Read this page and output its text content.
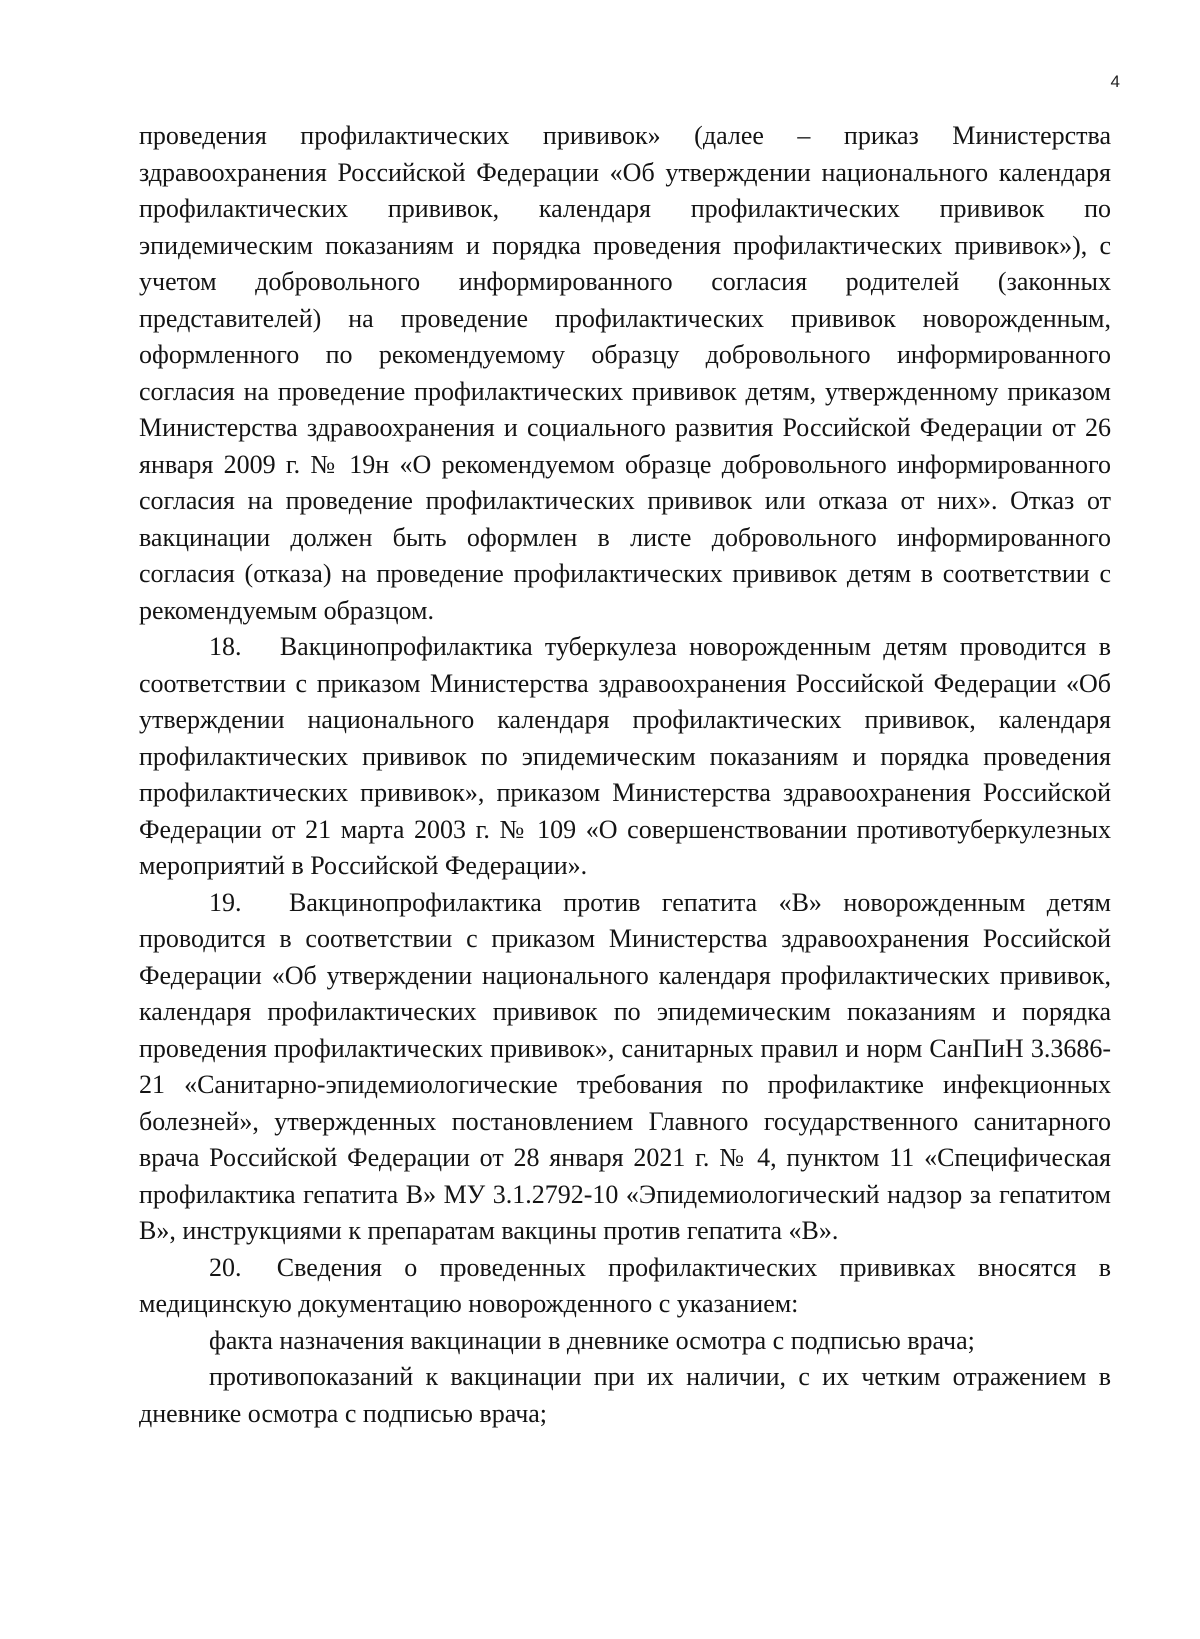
4

проведения профилактических прививок» (далее – приказ Министерства здравоохранения Российской Федерации «Об утверждении национального календаря профилактических прививок, календаря профилактических прививок по эпидемическим показаниям и порядка проведения профилактических прививок»), с учетом добровольного информированного согласия родителей (законных представителей) на проведение профилактических прививок новорожденным, оформленного по рекомендуемому образцу добровольного информированного согласия на проведение профилактических прививок детям, утвержденному приказом Министерства здравоохранения и социального развития Российской Федерации от 26 января 2009 г. № 19н «О рекомендуемом образце добровольного информированного согласия на проведение профилактических прививок или отказа от них». Отказ от вакцинации должен быть оформлен в листе добровольного информированного согласия (отказа) на проведение профилактических прививок детям в соответствии с рекомендуемым образцом.

18.  Вакцинопрофилактика туберкулеза новорожденным детям проводится в соответствии с приказом Министерства здравоохранения Российской Федерации «Об утверждении национального календаря профилактических прививок, календаря профилактических прививок по эпидемическим показаниям и порядка проведения профилактических прививок», приказом Министерства здравоохранения Российской Федерации от 21 марта 2003 г. № 109 «О совершенствовании противотуберкулезных мероприятий в Российской Федерации».

19.  Вакцинопрофилактика против гепатита «В» новорожденным детям проводится в соответствии с приказом Министерства здравоохранения Российской Федерации «Об утверждении национального календаря профилактических прививок, календаря профилактических прививок по эпидемическим показаниям и порядка проведения профилактических прививок», санитарных правил и норм СанПиН 3.3686-21 «Санитарно-эпидемиологические требования по профилактике инфекционных болезней», утвержденных постановлением Главного государственного санитарного врача Российской Федерации от 28 января 2021 г. № 4, пунктом 11 «Специфическая профилактика гепатита В» МУ 3.1.2792-10 «Эпидемиологический надзор за гепатитом В», инструкциями к препаратам вакцины против гепатита «В».

20.  Сведения о проведенных профилактических прививках вносятся в медицинскую документацию новорожденного с указанием:

факта назначения вакцинации в дневнике осмотра с подписью врача;

противопоказаний к вакцинации при их наличии, с их четким отражением в дневнике осмотра с подписью врача;
